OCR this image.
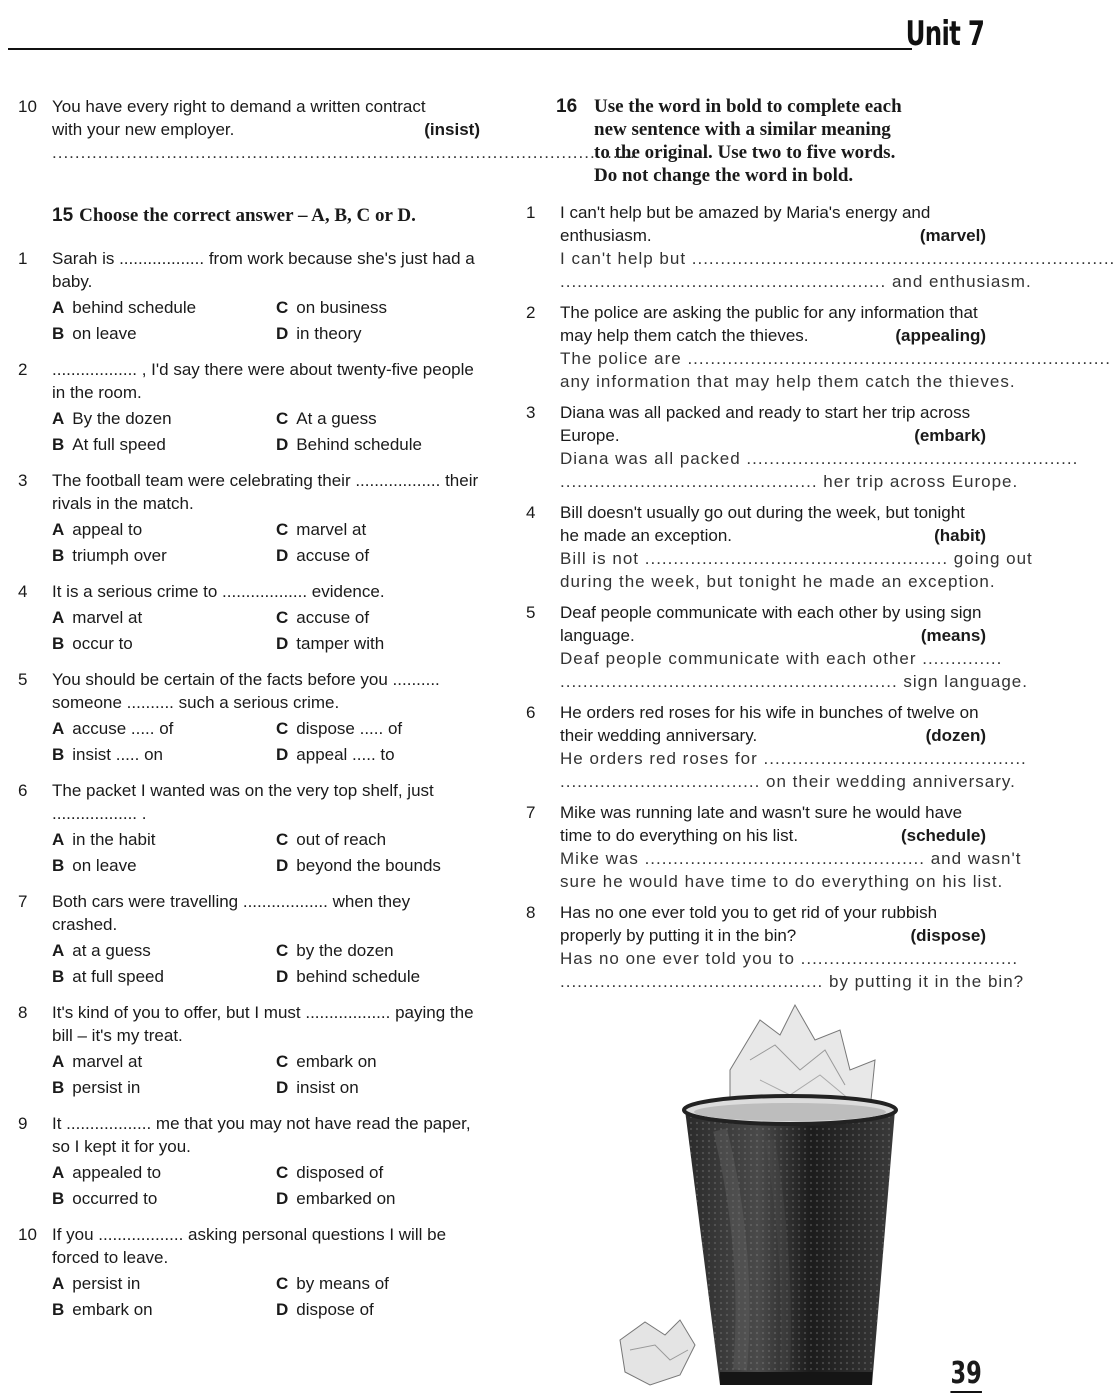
Unit 7
10 You have every right to demand a written contract
with your new employer.	(insist)
......................................................................................................
15 Choose the correct answer – A, B, C or D.
1	Sarah is .................. from work because she's just had a baby.
A behind schedule	C on business
B on leave	D in theory
2	.................. , I'd say there were about twenty-five people in the room.
A By the dozen	C At a guess
B At full speed	D Behind schedule
3	The football team were celebrating their .................. their rivals in the match.
A appeal to	C marvel at
B triumph over	D accuse of
4	It is a serious crime to .................. evidence.
A marvel at	C accuse of
B occur to	D tamper with
5	You should be certain of the facts before you .......... someone .......... such a serious crime.
A accuse ..... of	C dispose ..... of
B insist ..... on	D appeal ..... to
6	The packet I wanted was on the very top shelf, just .................. .
A in the habit	C out of reach
B on leave	D beyond the bounds
7	Both cars were travelling .................. when they crashed.
A at a guess	C by the dozen
B at full speed	D behind schedule
8	It's kind of you to offer, but I must .................. paying the bill – it's my treat.
A marvel at	C embark on
B persist in	D insist on
9	It .................. me that you may not have read the paper, so I kept it for you.
A appealed to	C disposed of
B occurred to	D embarked on
10 If you .................. asking personal questions I will be forced to leave.
A persist in	C by means of
B embark on	D dispose of
16 Use the word in bold to complete each
new sentence with a similar meaning
to the original. Use two to five words.
Do not change the word in bold.
1	I can't help but be amazed by Maria's energy and enthusiasm.	(marvel)
I can't help but ..........................................................................
......................................................... and enthusiasm.
2	The police are asking the public for any information that may help them catch the thieves.	(appealing)
The police are ..........................................................................
any information that may help them catch the thieves.
3	Diana was all packed and ready to start her trip across Europe.	(embark)
Diana was all packed ..........................................................
............................................. her trip across Europe.
4	Bill doesn't usually go out during the week, but tonight he made an exception.	(habit)
Bill is not ..................................................... going out
during the week, but tonight he made an exception.
5	Deaf people communicate with each other by using sign language.	(means)
Deaf people communicate with each other ..............
........................................................... sign language.
6	He orders red roses for his wife in bunches of twelve on their wedding anniversary.	(dozen)
He orders red roses for ..............................................
................................... on their wedding anniversary.
7	Mike was running late and wasn't sure he would have time to do everything on his list.	(schedule)
Mike was ................................................. and wasn't
sure he would have time to do everything on his list.
8	Has no one ever told you to get rid of your rubbish properly by putting it in the bin?	(dispose)
Has no one ever told you to ......................................
.............................................. by putting it in the bin?
39
